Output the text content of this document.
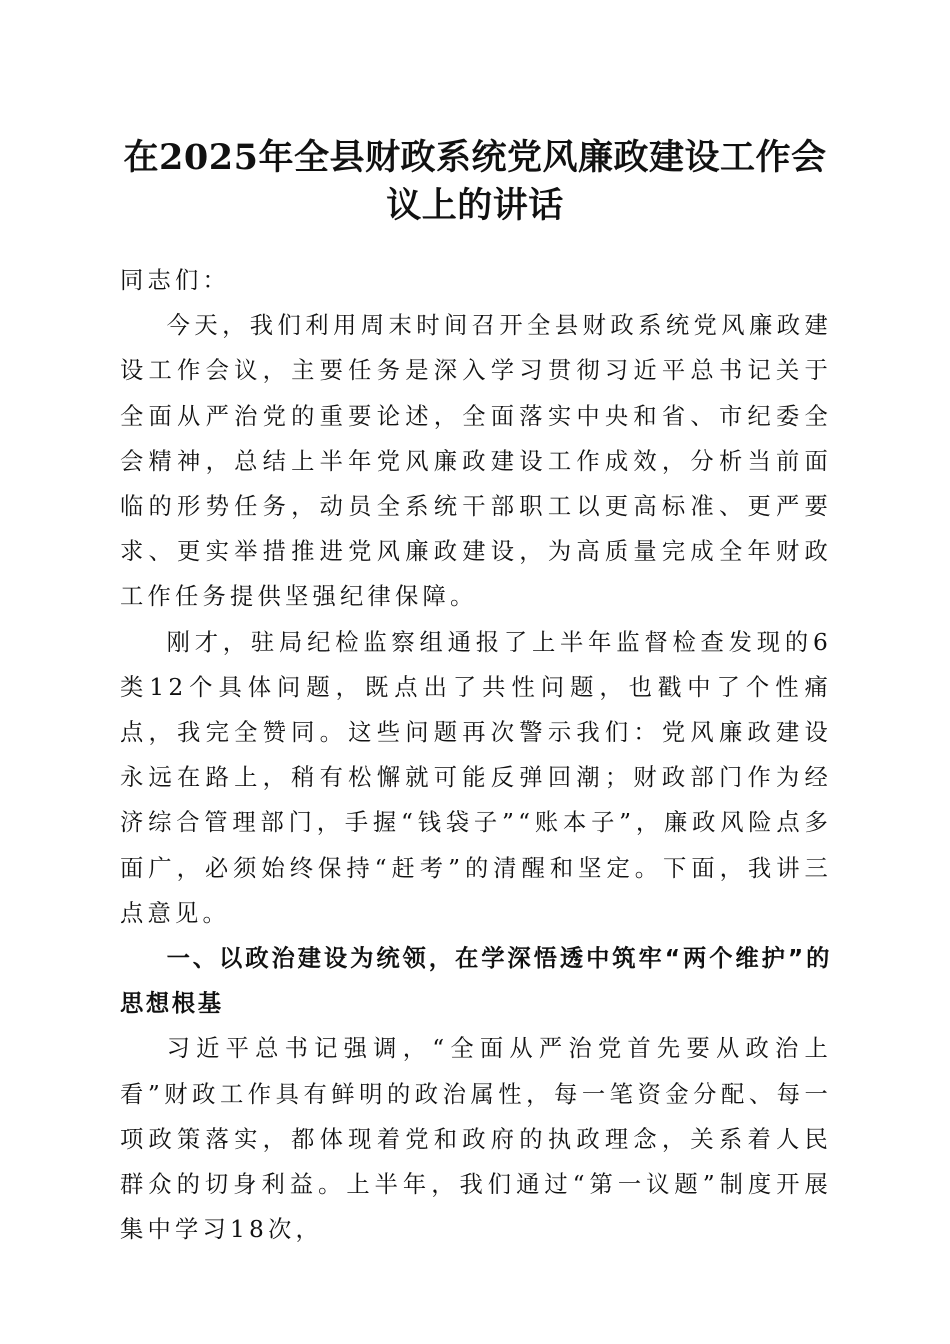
在2025年全县财政系统党风廉政建设工作会议上的讲话

同志们：

今天，我们利用周末时间召开全县财政系统党风廉政建设工作会议，主要任务是深入学习贯彻习近平总书记关于全面从严治党的重要论述，全面落实中央和省、市纪委全会精神，总结上半年党风廉政建设工作成效，分析当前面临的形势任务，动员全系统干部职工以更高标准、更严要求、更实举措推进党风廉政建设，为高质量完成全年财政工作任务提供坚强纪律保障。

刚才，驻局纪检监察组通报了上半年监督检查发现的6类12个具体问题，既点出了共性问题，也戳中了个性痛点，我完全赞同。这些问题再次警示我们：党风廉政建设永远在路上，稍有松懈就可能反弹回潮；财政部门作为经济综合管理部门，手握“钱袋子”“账本子”，廉政风险点多面广，必须始终保持“赶考”的清醒和坚定。下面，我讲三点意见。

一、以政治建设为统领，在学深悟透中筑牢“两个维护”的思想根基

习近平总书记强调，“全面从严治党首先要从政治上看”财政工作具有鲜明的政治属性，每一笔资金分配、每一项政策落实，都体现着党和政府的执政理念，关系着人民群众的切身利益。上半年，我们通过“第一议题”制度开展集中学习18次，
